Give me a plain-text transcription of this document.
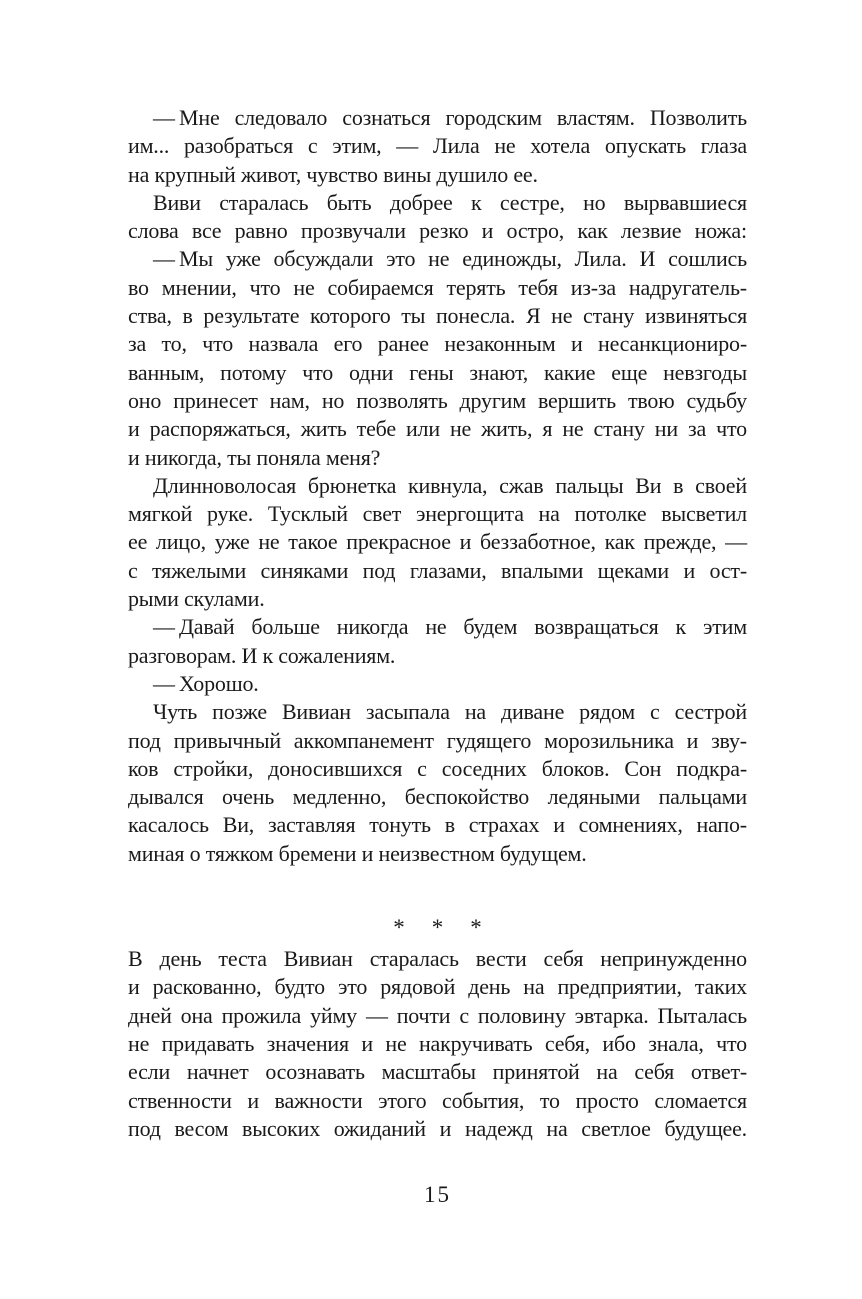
— Мне следовало сознаться городским властям. Позволить
им... разобраться с этим, — Лила не хотела опускать глаза
на крупный живот, чувство вины душило ее.
Виви старалась быть добрее к сестре, но вырвавшиеся
слова все равно прозвучали резко и остро, как лезвие ножа:
— Мы уже обсуждали это не единожды, Лила. И сошлись
во мнении, что не собираемся терять тебя из-за надругатель-
ства, в результате которого ты понесла. Я не стану извиняться
за то, что назвала его ранее незаконным и несанкциониро-
ванным, потому что одни гены знают, какие еще невзгоды
оно принесет нам, но позволять другим вершить твою судьбу
и распоряжаться, жить тебе или не жить, я не стану ни за что
и никогда, ты поняла меня?
Длинноволосая брюнетка кивнула, сжав пальцы Ви в своей
мягкой руке. Тусклый свет энергощита на потолке высветил
ее лицо, уже не такое прекрасное и беззаботное, как прежде, —
с тяжелыми синяками под глазами, впалыми щеками и ост-
рыми скулами.
— Давай больше никогда не будем возвращаться к этим
разговорам. И к сожалениям.
— Хорошо.
Чуть позже Вивиан засыпала на диване рядом с сестрой
под привычный аккомпанемент гудящего морозильника и зву-
ков стройки, доносившихся с соседних блоков. Сон подкра-
дывался очень медленно, беспокойство ледяными пальцами
касалось Ви, заставляя тонуть в страхах и сомнениях, напо-
миная о тяжком бремени и неизвестном будущем.
* * *
В день теста Вивиан старалась вести себя непринужденно
и раскованно, будто это рядовой день на предприятии, таких
дней она прожила уйму — почти с половину эвтарка. Пыталась
не придавать значения и не накручивать себя, ибо знала, что
если начнет осознавать масштабы принятой на себя ответ-
ственности и важности этого события, то просто сломается
под весом высоких ожиданий и надежд на светлое будущее.
15
